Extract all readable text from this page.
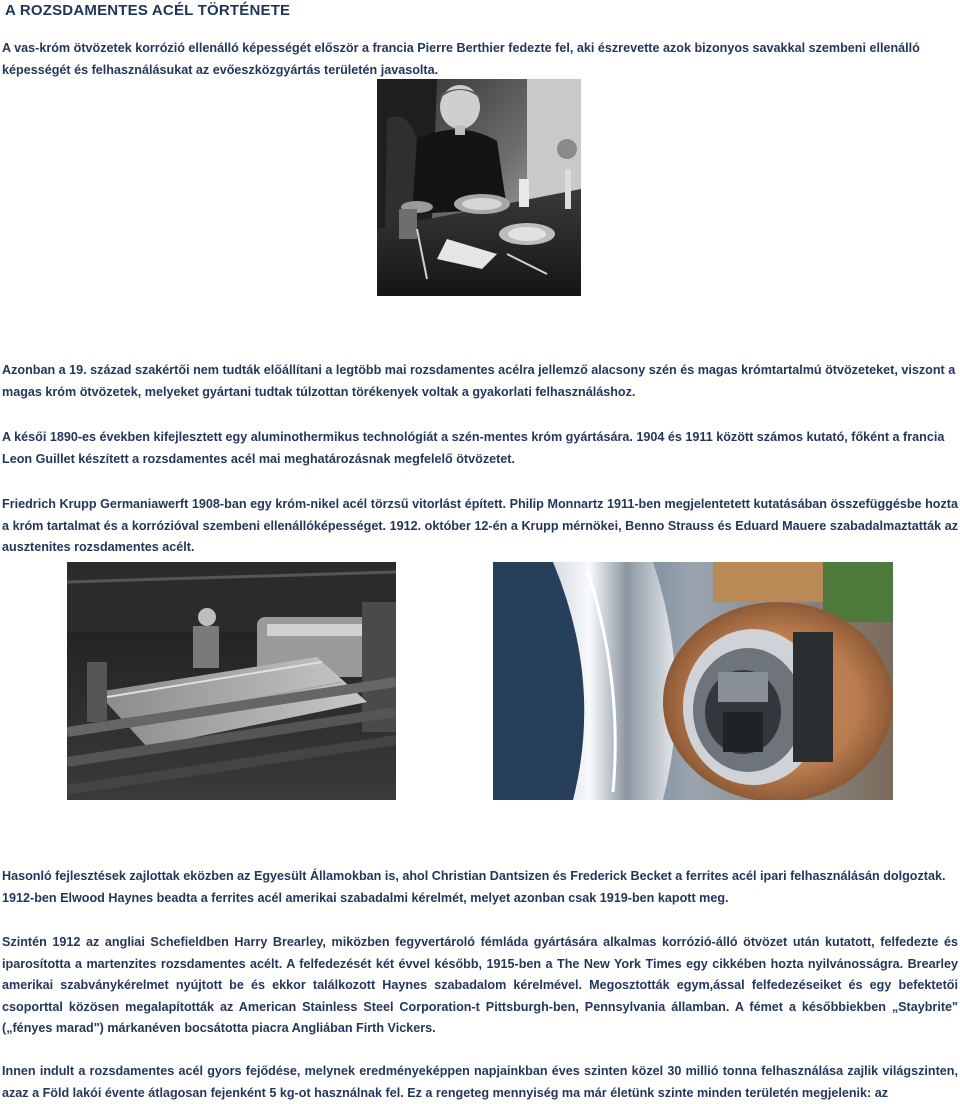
A ROZSDAMENTES ACÉL TÖRTÉNETE
A vas-króm ötvözetek korrózió ellenálló képességét először a francia Pierre Berthier fedezte fel, aki észrevette azok bizonyos savakkal szembeni ellenálló képességét és felhasználásukat az evőeszközgyártás területén javasolta.
Azonban a 19. század szakértői nem tudták előállítani a legtöbb mai rozsdamentes acélra jellemző alacsony szén és magas krómtartalmú ötvözeteket, viszont a magas króm ötvözetek, melyeket gyártani tudtak túlzottan törékenyek voltak a gyakorlati felhasználáshoz.
A késői 1890-es években kifejlesztett egy aluminothermikus technológiát a szén-mentes króm gyártására. 1904 és 1911 között számos kutató, főként a francia Leon Guillet készített a rozsdamentes acél mai meghatározásnak megfelelő ötvözetet.
Friedrich Krupp Germaniawerft 1908-ban egy króm-nikel acél törzsű vitorlást épített. Philip Monnartz 1911-ben megjelentetett kutatásában összefüggésbe hozta a króm tartalmat és a korrózióval szembeni ellenállóképességet. 1912. október 12-én a Krupp mérnökei, Benno Strauss és Eduard Mauere szabadalmaztatták az ausztenites rozsdamentes acélt.
Hasonló fejlesztések zajlottak eközben az Egyesült Államokban is, ahol Christian Dantsizen és Frederick Becket a ferrites acél ipari felhasználásán dolgoztak. 1912-ben Elwood Haynes beadta a ferrites acél amerikai szabadalmi kérelmét, melyet azonban csak 1919-ben kapott meg.
Szintén 1912 az angliai Schefieldben Harry Brearley, miközben fegyvertároló fémláda gyártására alkalmas korrózió-álló ötvözet után kutatott, felfedezte és iparosította a martenzites rozsdamentes acélt. A felfedezését két évvel később, 1915-ben a The New York Times egy cikkében hozta nyilvánosságra. Brearley amerikai szabványkérelmet nyújtott be és ekkor találkozott Haynes szabadalom kérelmével. Megosztották egym,ással felfedezéseiket és egy befektetői csoporttal közösen megalapították az American Stainless Steel Corporation-t Pittsburgh-ben, Pennsylvania államban. A fémet a későbbiekben „Staybrite" („fényes marad") márkanéven bocsátotta piacra Angliában Firth Vickers.
Innen indult a rozsdamentes acél gyors fejődése, melynek eredményeképpen napjainkban éves szinten közel 30 millió tonna felhasználása zajlik világszinten, azaz a Föld lakói évente átlagosan fejenként 5 kg-ot használnak fel. Ez a rengeteg mennyiség ma már életünk szinte minden területén megjelenik: az
